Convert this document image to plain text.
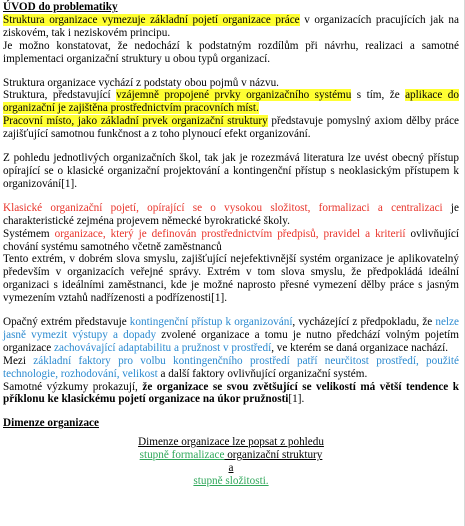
ÚVOD do problematiky

Struktura organizace vymezuje základní pojetí organizace práce v organizacích pracujících jak na ziskovém, tak i neziskovém principu.

Je možno konstatovat, že nedochází k podstatným rozdílům při návrhu, realizaci a samotné implementaci organizační struktury u obou typů organizací.

Struktura organizace vychází z podstaty obou pojmů v názvu.

Struktura, představující vzájemně propojené prvky organizačního systému s tím, že aplikace do organizační je zajištěna prostřednictvím pracovních míst.

Pracovní místo, jako základní prvek organizační struktury představuje pomyslný axiom dělby práce zajišťující samotnou funkčnost a z toho plynoucí efekt organizování.

Z pohledu jednotlivých organizačních škol, tak jak je rozezmává literatura lze uvést obecný přístup opírající se o klasické organizační projektování a kontingenční přístup s neoklasickým přístupem k organizování[1].

Klasické organizační pojetí, opírající se o vysokou složitost, formalizaci a centralizaci je charakteristické zejména projevem německé byrokratické školy.

Systémem organizace, který je definován prostřednictvím předpisů, pravidel a kriterií ovlivňující chování systému samotného včetně zaměstnanců

Tento extrém, v dobrém slova smyslu, zajišťující nejefektivnější systém organizace je aplikovatelný především v organizacích veřejné správy. Extrém v tom slova smyslu, že předpokládá ideální organizaci s ideálními zaměstnanci, kde je možné naprosto přesné vymezení dělby práce s jasným vymezením vztahů nadřízenosti a podřízenosti[1].

Opačný extrém představuje kontingenční přístup k organizování, vycházející z předpokladu, že nelze jasně vymezit výstupy a dopady zvolené organizace a tomu je nutno předchází volným pojetím organizace zachovávající adaptabilitu a pružnost v prostředí, ve kterém se daná organizace nachází.

Mezi základní faktory pro volbu kontingenčního prostředí patří neurčitost prostředí, použité technologie, rozhodování, velikost a další faktory ovlivňující organizační systém.

Samotné výzkumy prokazují, že organizace se svou zvětšující se velikostí má větší tendence k příklonu ke klasickému pojetí organizace na úkor pružnosti[1].

Dimenze organizace

Dimenze organizace lze popsat z pohledu

stupně formalizace organizační struktury

a

stupně složitosti.
